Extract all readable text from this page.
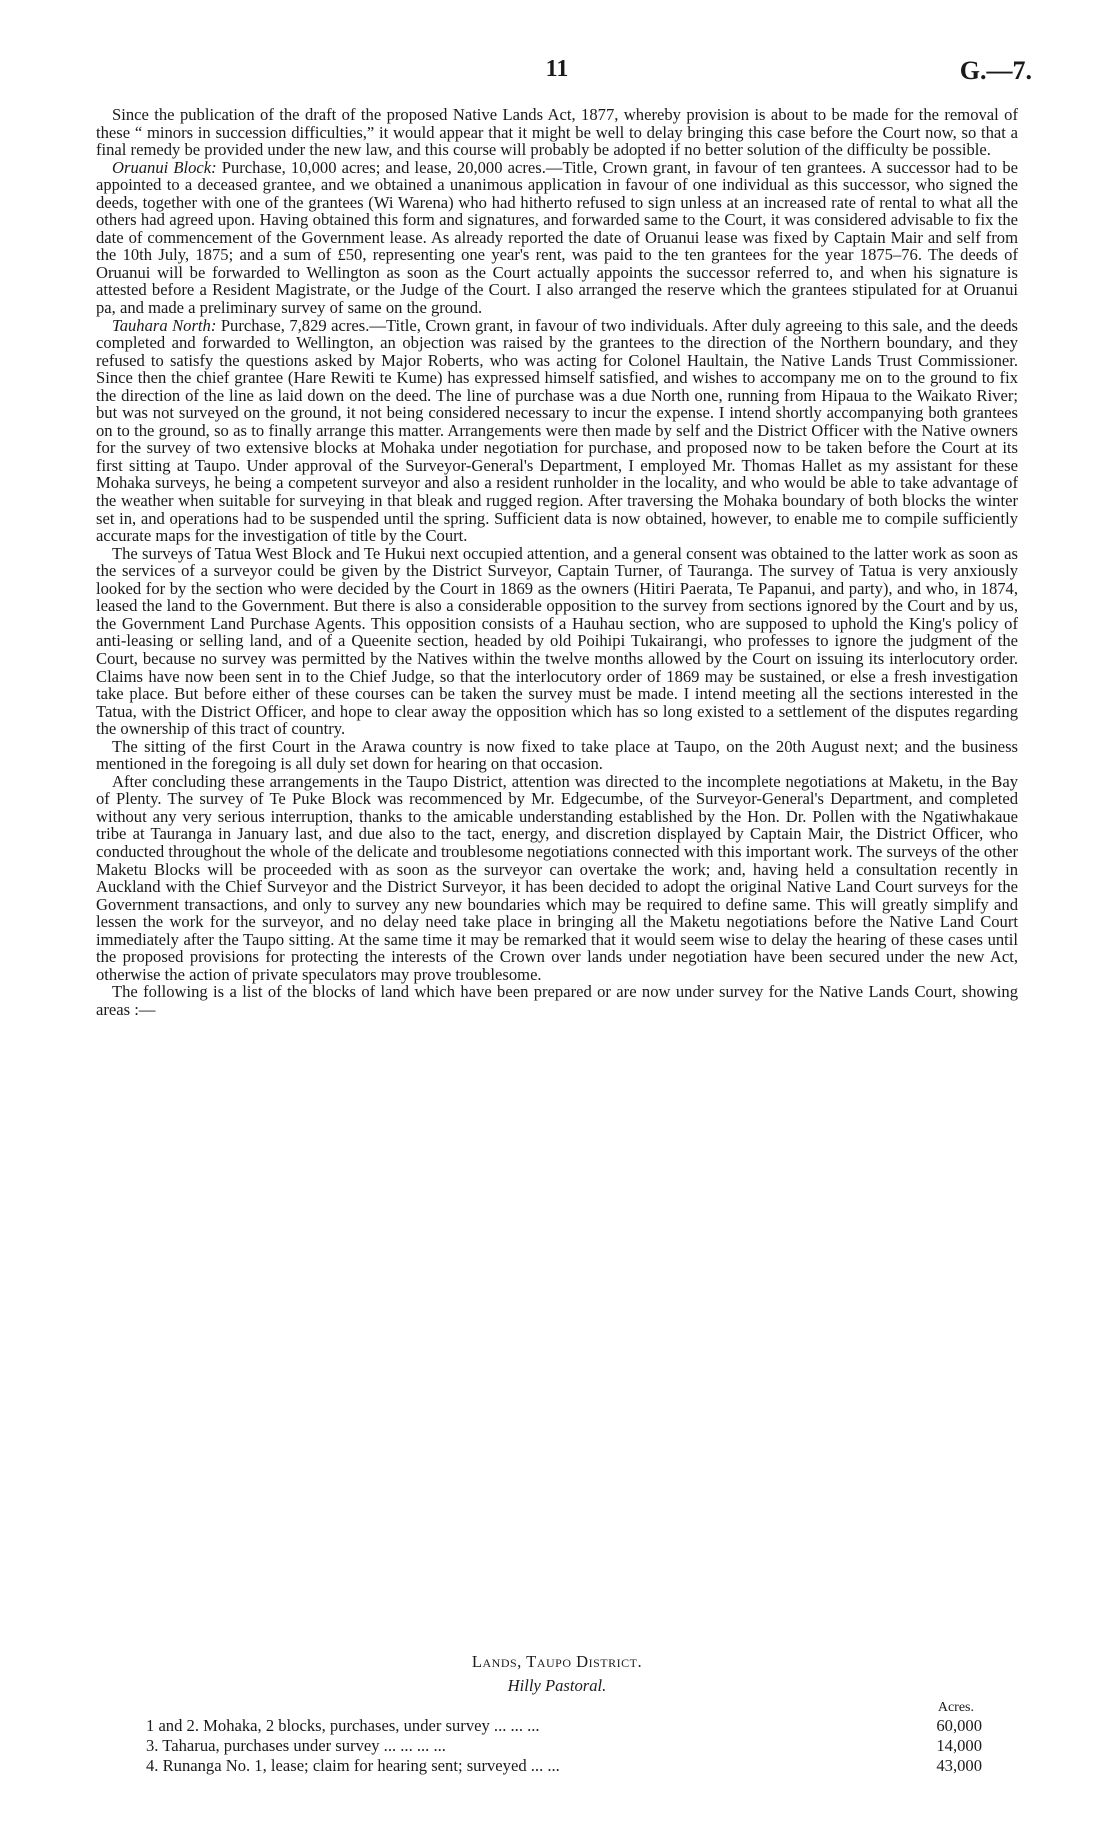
11	G.—7.

Since the publication of the draft of the proposed Native Lands Act, 1877, whereby provision is about to be made for the removal of these “ minors in succession difficulties,” it would appear that it might be well to delay bringing this case before the Court now, so that a final remedy be provided under the new law, and this course will probably be adopted if no better solution of the difficulty be possible.

Oruanui Block: Purchase, 10,000 acres; and lease, 20,000 acres.—Title, Crown grant, in favour of ten grantees. A successor had to be appointed to a deceased grantee, and we obtained a unanimous application in favour of one individual as this successor, who signed the deeds, together with one of the grantees (Wi Warena) who had hitherto refused to sign unless at an increased rate of rental to what all the others had agreed upon. Having obtained this form and signatures, and forwarded same to the Court, it was considered advisable to fix the date of commencement of the Government lease. As already reported the date of Oruanui lease was fixed by Captain Mair and self from the 10th July, 1875; and a sum of £50, representing one year's rent, was paid to the ten grantees for the year 1875–76. The deeds of Oruanui will be forwarded to Wellington as soon as the Court actually appoints the successor referred to, and when his signature is attested before a Resident Magistrate, or the Judge of the Court. I also arranged the reserve which the grantees stipulated for at Oruanui pa, and made a preliminary survey of same on the ground.

Tauhara North: Purchase, 7,829 acres.—Title, Crown grant, in favour of two individuals. After duly agreeing to this sale, and the deeds completed and forwarded to Wellington, an objection was raised by the grantees to the direction of the Northern boundary, and they refused to satisfy the questions asked by Major Roberts, who was acting for Colonel Haultain, the Native Lands Trust Commissioner. Since then the chief grantee (Hare Rewiti te Kume) has expressed himself satisfied, and wishes to accompany me on to the ground to fix the direction of the line as laid down on the deed. The line of purchase was a due North one, running from Hipaua to the Waikato River; but was not surveyed on the ground, it not being considered necessary to incur the expense. I intend shortly accompanying both grantees on to the ground, so as to finally arrange this matter. Arrangements were then made by self and the District Officer with the Native owners for the survey of two extensive blocks at Mohaka under negotiation for purchase, and proposed now to be taken before the Court at its first sitting at Taupo. Under approval of the Surveyor-General's Department, I employed Mr. Thomas Hallet as my assistant for these Mohaka surveys, he being a competent surveyor and also a resident runholder in the locality, and who would be able to take advantage of the weather when suitable for surveying in that bleak and rugged region. After traversing the Mohaka boundary of both blocks the winter set in, and operations had to be suspended until the spring. Sufficient data is now obtained, however, to enable me to compile sufficiently accurate maps for the investigation of title by the Court.

The surveys of Tatua West Block and Te Hukui next occupied attention, and a general consent was obtained to the latter work as soon as the services of a surveyor could be given by the District Surveyor, Captain Turner, of Tauranga. The survey of Tatua is very anxiously looked for by the section who were decided by the Court in 1869 as the owners (Hitiri Paerata, Te Papanui, and party), and who, in 1874, leased the land to the Government. But there is also a considerable opposition to the survey from sections ignored by the Court and by us, the Government Land Purchase Agents. This opposition consists of a Hauhau section, who are supposed to uphold the King's policy of anti-leasing or selling land, and of a Queenite section, headed by old Poihipi Tukairangi, who professes to ignore the judgment of the Court, because no survey was permitted by the Natives within the twelve months allowed by the Court on issuing its interlocutory order. Claims have now been sent in to the Chief Judge, so that the interlocutory order of 1869 may be sustained, or else a fresh investigation take place. But before either of these courses can be taken the survey must be made. I intend meeting all the sections interested in the Tatua, with the District Officer, and hope to clear away the opposition which has so long existed to a settlement of the disputes regarding the ownership of this tract of country.

The sitting of the first Court in the Arawa country is now fixed to take place at Taupo, on the 20th August next; and the business mentioned in the foregoing is all duly set down for hearing on that occasion.

After concluding these arrangements in the Taupo District, attention was directed to the incomplete negotiations at Maketu, in the Bay of Plenty. The survey of Te Puke Block was recommenced by Mr. Edgecumbe, of the Surveyor-General's Department, and completed without any very serious interruption, thanks to the amicable understanding established by the Hon. Dr. Pollen with the Ngatiwhakaue tribe at Tauranga in January last, and due also to the tact, energy, and discretion displayed by Captain Mair, the District Officer, who conducted throughout the whole of the delicate and troublesome negotiations connected with this important work. The surveys of the other Maketu Blocks will be proceeded with as soon as the surveyor can overtake the work; and, having held a consultation recently in Auckland with the Chief Surveyor and the District Surveyor, it has been decided to adopt the original Native Land Court surveys for the Government transactions, and only to survey any new boundaries which may be required to define same. This will greatly simplify and lessen the work for the surveyor, and no delay need take place in bringing all the Maketu negotiations before the Native Land Court immediately after the Taupo sitting. At the same time it may be remarked that it would seem wise to delay the hearing of these cases until the proposed provisions for protecting the interests of the Crown over lands under negotiation have been secured under the new Act, otherwise the action of private speculators may prove troublesome.

The following is a list of the blocks of land which have been prepared or are now under survey for the Native Lands Court, showing areas :—

Lands, Taupo District.
Hilly Pastoral.
Acres.
1 and 2. Mohaka, 2 blocks, purchases, under survey ... ... ...	60,000
3. Taharua, purchases under survey ... ... ... ...	14,000
4. Runanga No. 1, lease; claim for hearing sent; surveyed ... ...	43,000
